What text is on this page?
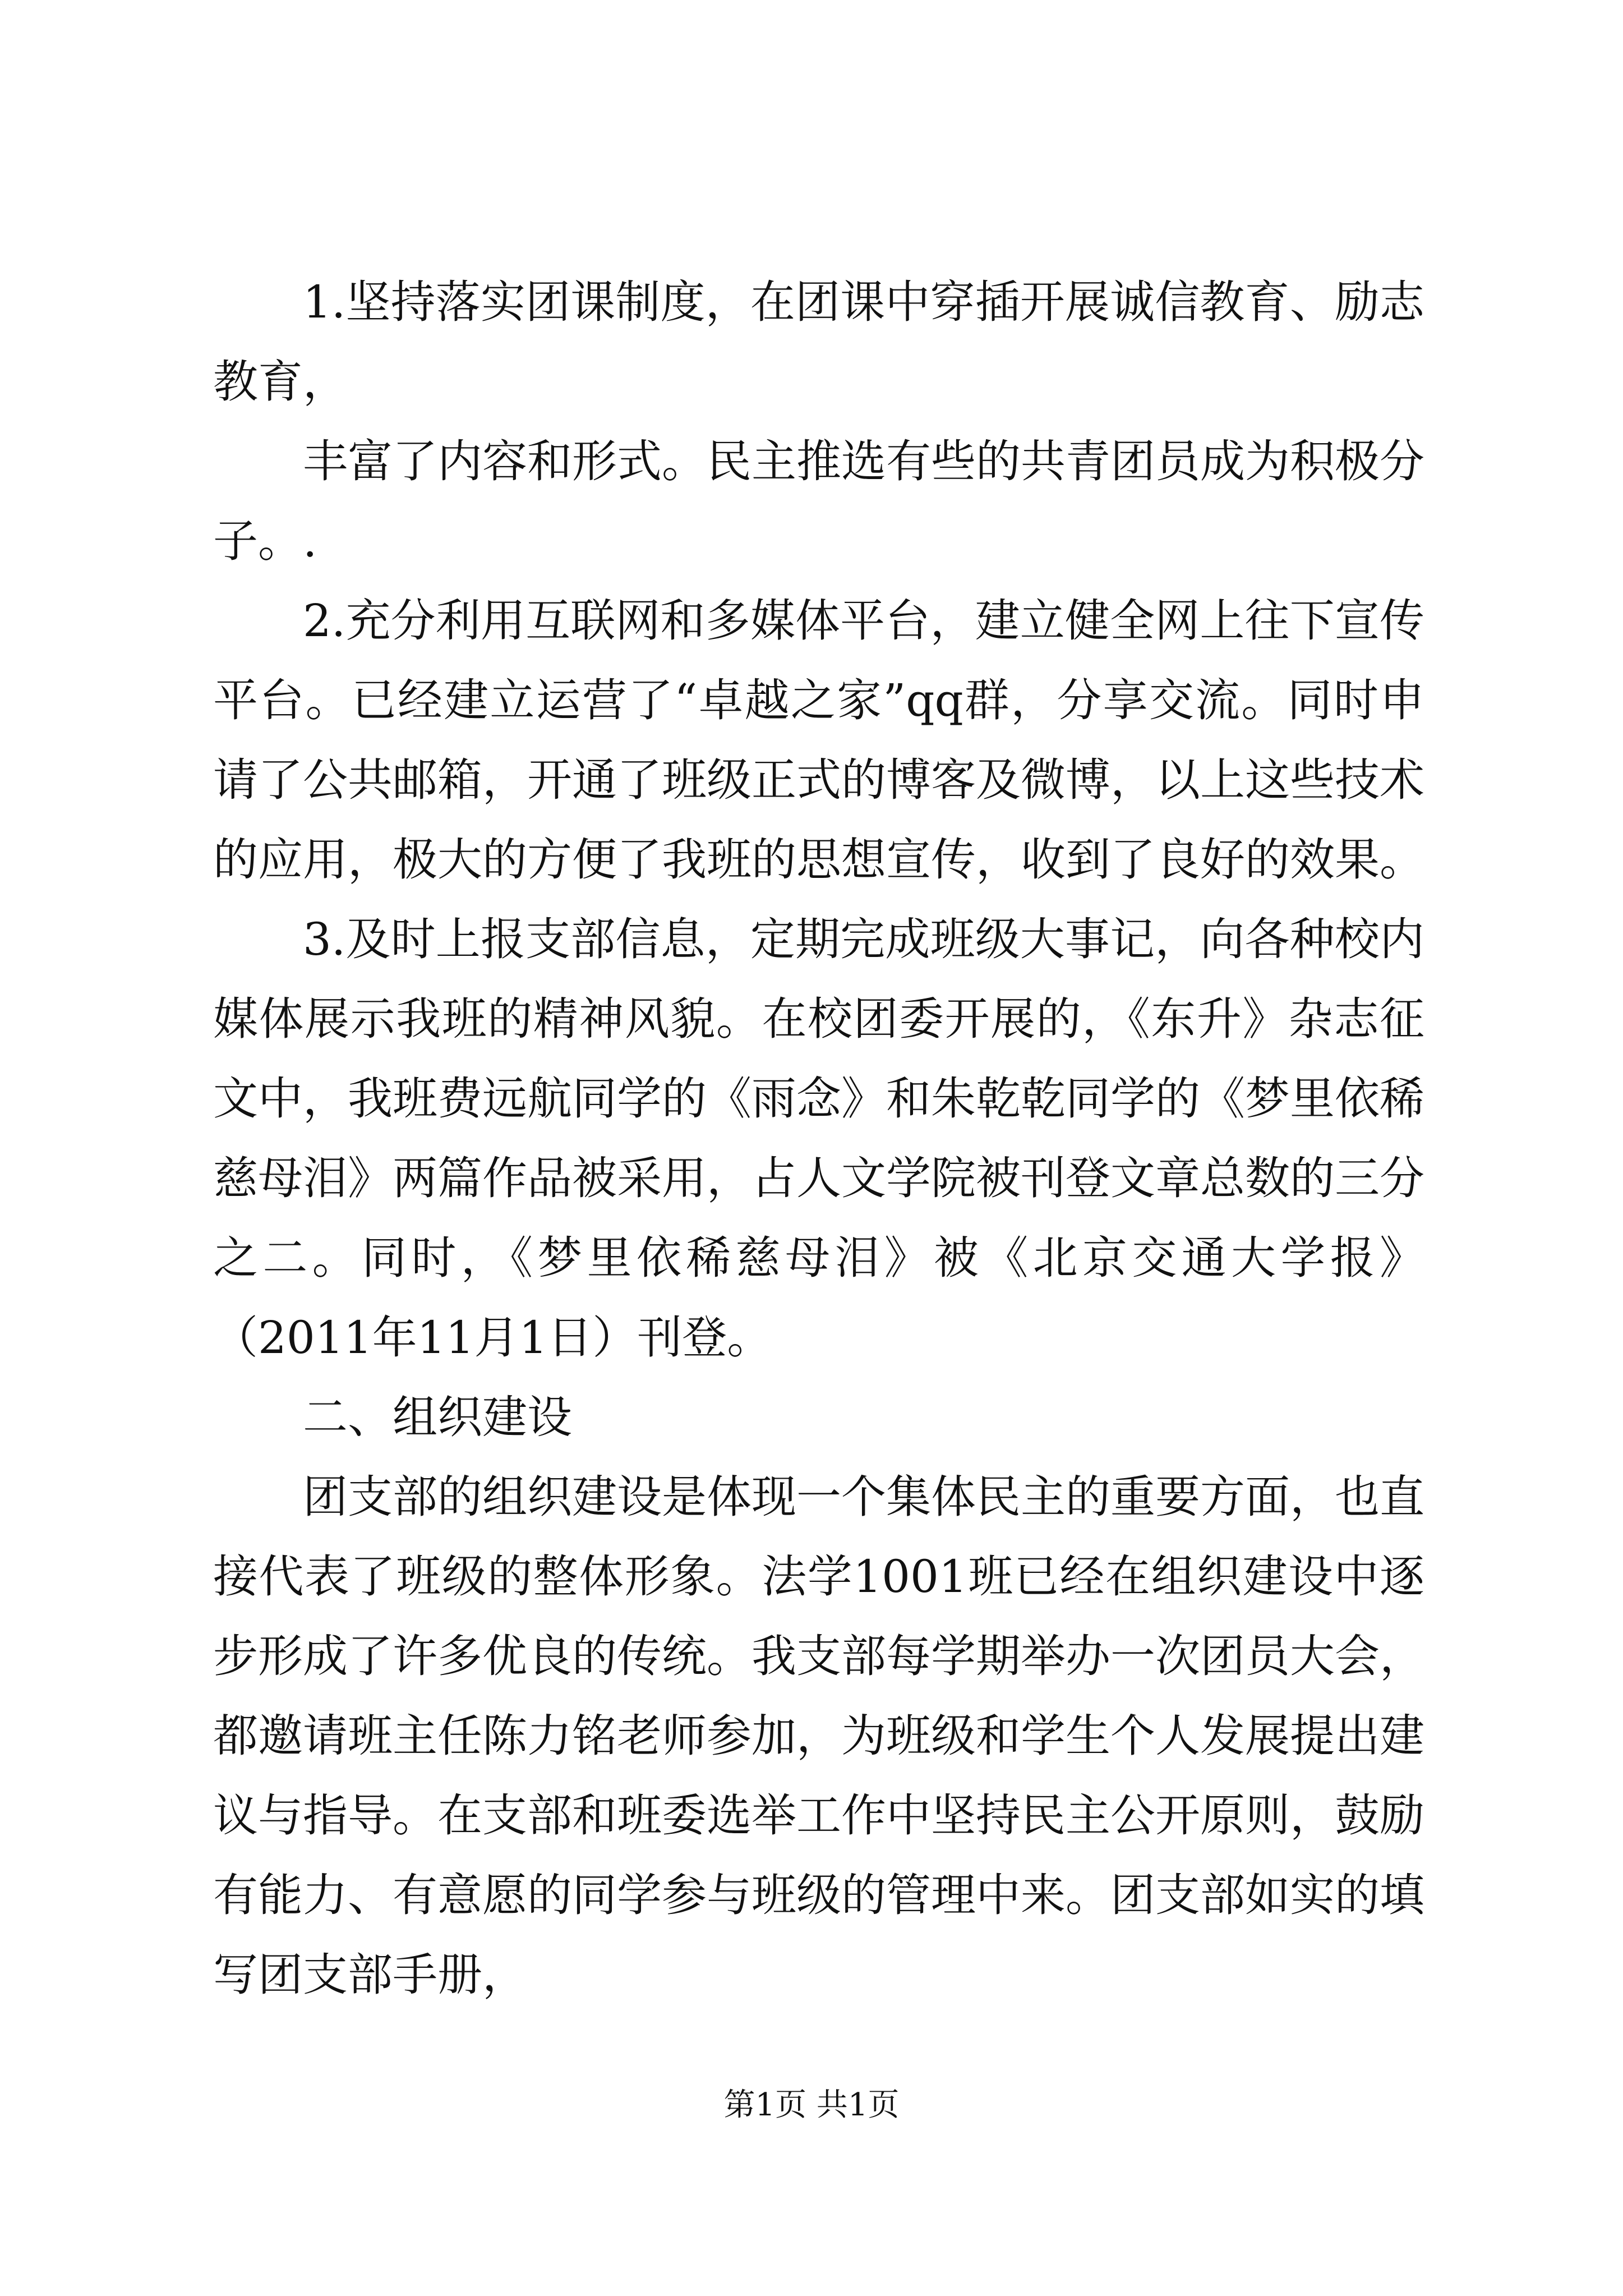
1.坚持落实团课制度，在团课中穿插开展诚信教育、励志教育，

丰富了内容和形式。民主推选有些的共青团员成为积极分子。.

2.充分利用互联网和多媒体平台，建立健全网上往下宣传平台。已经建立运营了“卓越之家”qq群，分享交流。同时申请了公共邮箱，开通了班级正式的博客及微博，以上这些技术的应用，极大的方便了我班的思想宣传，收到了良好的效果。

3.及时上报支部信息，定期完成班级大事记，向各种校内媒体展示我班的精神风貌。在校团委开展的，《东升》杂志征文中，我班费远航同学的《雨念》和朱乾乾同学的《梦里依稀慈母泪》两篇作品被采用，占人文学院被刊登文章总数的三分之二。同时，《梦里依稀慈母泪》被《北京交通大学报》（2011年11月1日）刊登。

二、组织建设

团支部的组织建设是体现一个集体民主的重要方面，也直接代表了班级的整体形象。法学1001班已经在组织建设中逐步形成了许多优良的传统。我支部每学期举办一次团员大会，都邀请班主任陈力铭老师参加，为班级和学生个人发展提出建议与指导。在支部和班委选举工作中坚持民主公开原则，鼓励有能力、有意愿的同学参与班级的管理中来。团支部如实的填写团支部手册，

第1页 共1页
